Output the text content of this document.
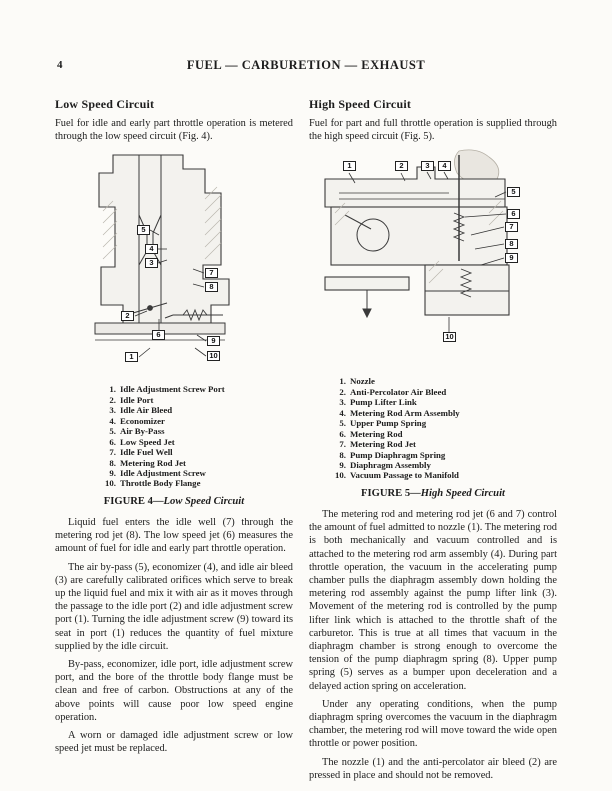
4	FUEL — CARBURETION — EXHAUST
Low Speed Circuit

Fuel for idle and early part throttle operation is metered through the low speed circuit (Fig. 4).

1
2
3
4
5
6
7
8
9
10
1. Idle Adjustment Screw Port
2. Idle Port
3. Idle Air Bleed
4. Economizer
5. Air By-Pass
6. Low Speed Jet
7. Idle Fuel Well
8. Metering Rod Jet
9. Idle Adjustment Screw
10. Throttle Body Flange
FIGURE 4—Low Speed Circuit

Liquid fuel enters the idle well (7) through the metering rod jet (8). The low speed jet (6) measures the amount of fuel for idle and early part throttle operation.

The air by-pass (5), economizer (4), and idle air bleed (3) are carefully calibrated orifices which serve to break up the liquid fuel and mix it with air as it moves through the passage to the idle port (2) and idle adjustment screw port (1). Turning the idle adjustment screw (9) toward its seat in port (1) reduces the quantity of fuel mixture supplied by the idle circuit.

By-pass, economizer, idle port, idle adjustment screw port, and the bore of the throttle body flange must be clean and free of carbon. Obstructions at any of the above points will cause poor low speed engine operation.

A worn or damaged idle adjustment screw or low speed jet must be replaced.

High Speed Circuit

Fuel for part and full throttle operation is supplied through the high speed circuit (Fig. 5).

1	2	3	4
5
6
7
8
9
10
1. Nozzle
2. Anti-Percolator Air Bleed
3. Pump Lifter Link
4. Metering Rod Arm Assembly
5. Upper Pump Spring
6. Metering Rod
7. Metering Rod Jet
8. Pump Diaphragm Spring
9. Diaphragm Assembly
10. Vacuum Passage to Manifold
FIGURE 5—High Speed Circuit

The metering rod and metering rod jet (6 and 7) control the amount of fuel admitted to nozzle (1). The metering rod is both mechanically and vacuum controlled and is attached to the metering rod arm assembly (4). During part throttle operation, the vacuum in the accelerating pump chamber pulls the diaphragm assembly down holding the metering rod assembly against the pump lifter link (3). Movement of the metering rod is controlled by the pump lifter link which is attached to the throttle shaft of the carburetor. This is true at all times that vacuum in the diaphragm chamber is strong enough to overcome the tension of the pump diaphragm spring (8). Upper pump spring (5) serves as a bumper upon deceleration and a delayed action spring on acceleration.

Under any operating conditions, when the pump diaphragm spring overcomes the vacuum in the diaphragm chamber, the metering rod will move toward the wide open throttle or power position.

The nozzle (1) and the anti-percolator air bleed (2) are pressed in place and should not be removed.
